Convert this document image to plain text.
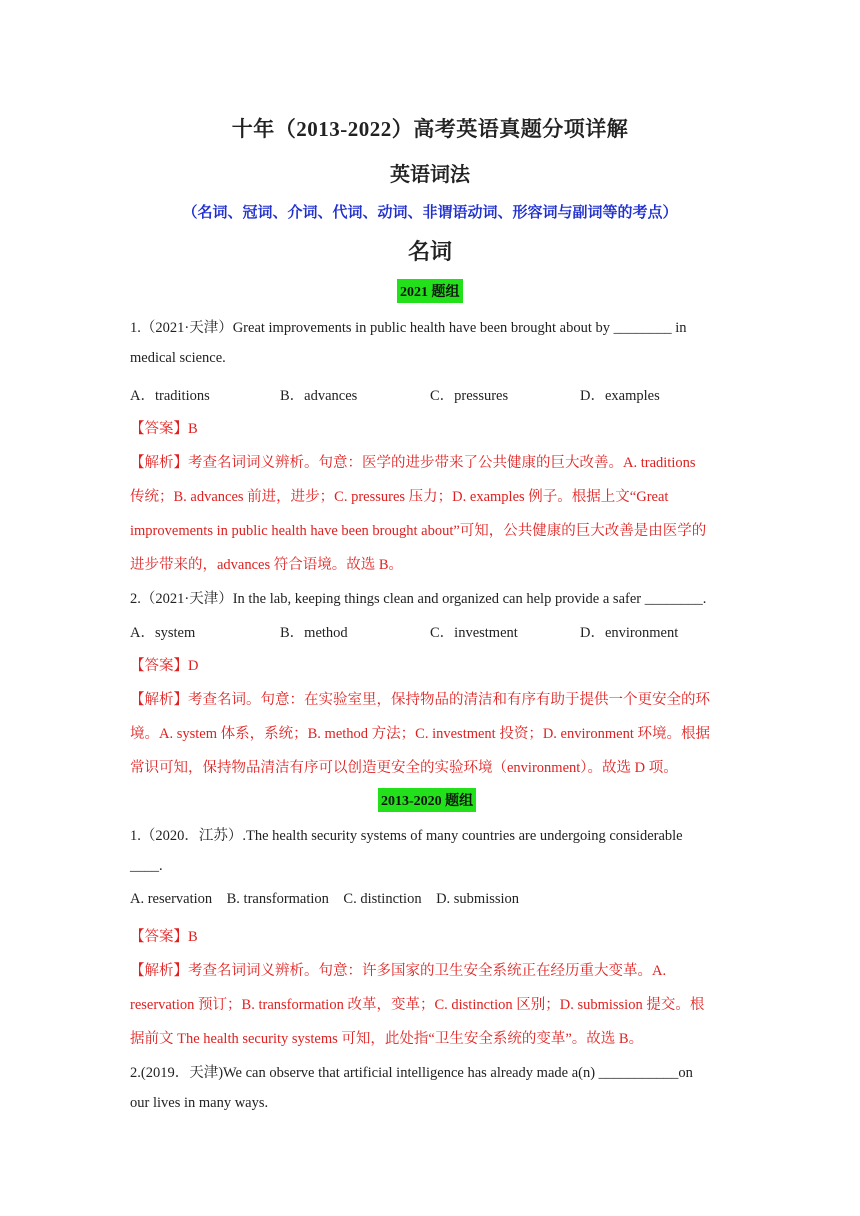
十年（2013-2022）高考英语真题分项详解
英语词法
（名词、冠词、介词、代词、动词、非谓语动词、形容词与副词等的考点）
名词
2021 题组
1.（2021·天津）Great improvements in public health have been brought about by ________ in
medical science.
A．traditions	B．advances	C．pressures	D．examples
【答案】B
【解析】考查名词词义辨析。句意：医学的进步带来了公共健康的巨大改善。A. traditions
传统；B. advances 前进，进步；C. pressures 压力；D. examples 例子。根据上文“Great
improvements in public health have been brought about”可知，公共健康的巨大改善是由医学的
进步带来的，advances 符合语境。故选 B。
2.（2021·天津）In the lab, keeping things clean and organized can help provide a safer ________.
A．system	B．method	C．investment	D．environment
【答案】D
【解析】考查名词。句意：在实验室里，保持物品的清洁和有序有助于提供一个更安全的环
境。A. system 体系，系统；B. method 方法；C. investment 投资；D. environment 环境。根据
常识可知，保持物品清洁有序可以创造更安全的实验环境（environment）。故选 D 项。
2013-2020 题组
1.（2020．江苏）.The health security systems of many countries are undergoing considerable
____.
A. reservation    B. transformation    C. distinction    D. submission
【答案】B
【解析】考查名词词义辨析。句意：许多国家的卫生安全系统正在经历重大变革。A.
reservation 预订；B. transformation 改革，变革；C. distinction 区别；D. submission 提交。根
据前文 The health security systems 可知，此处指“卫生安全系统的变革”。故选 B。
2.(2019．天津)We can observe that artificial intelligence has already made a(n) ___________on
our lives in many ways.
